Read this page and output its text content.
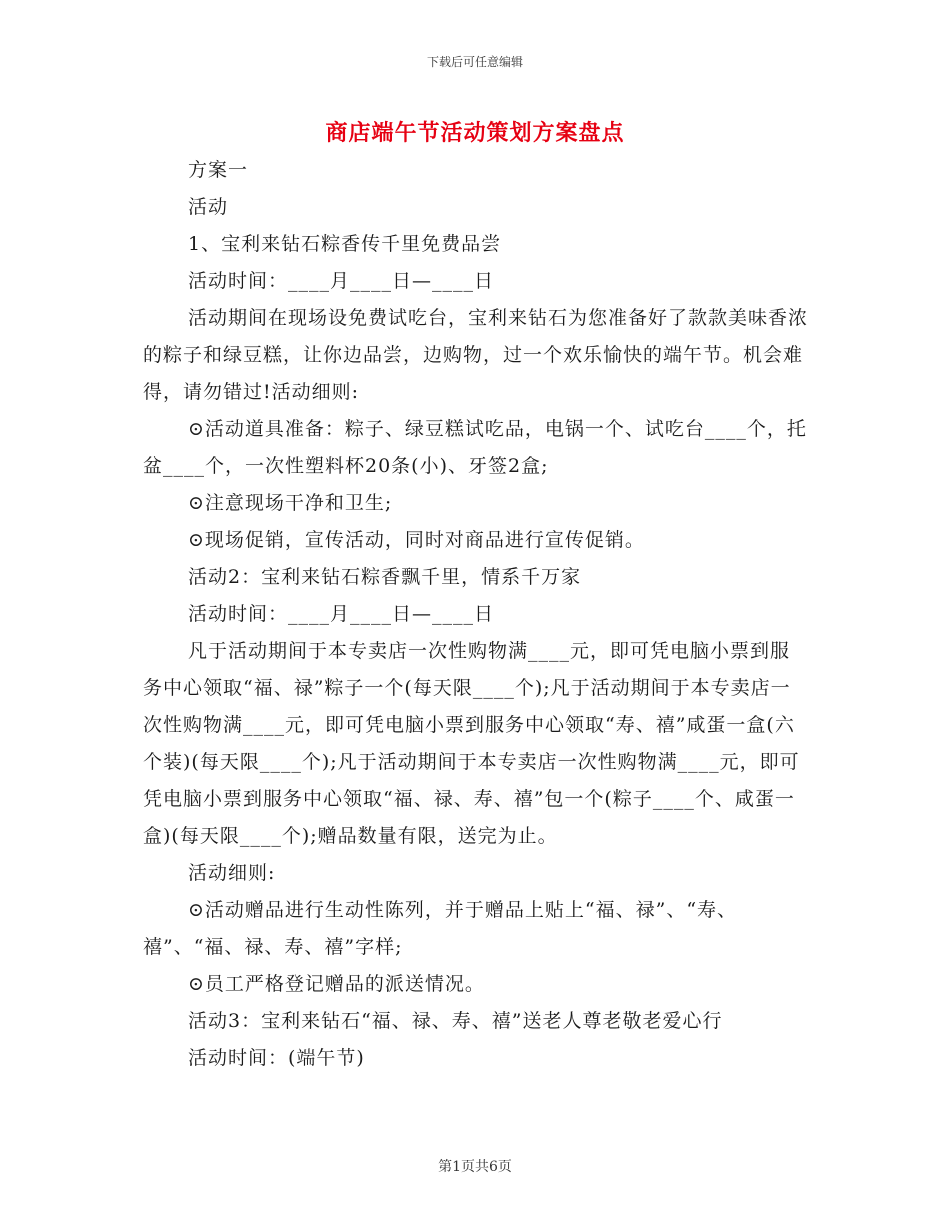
下载后可任意编辑
商店端午节活动策划方案盘点

方案一

活动

1、宝利来钻石粽香传千里免费品尝

活动时间：____月____日—____日

活动期间在现场设免费试吃台，宝利来钻石为您准备好了款款美味香浓的粽子和绿豆糕，让你边品尝，边购物，过一个欢乐愉快的端午节。机会难得，请勿错过!活动细则:

⊙活动道具准备：粽子、绿豆糕试吃品，电锅一个、试吃台____个，托盆____个，一次性塑料杯20条(小)、牙签2盒;

⊙注意现场干净和卫生;

⊙现场促销，宣传活动，同时对商品进行宣传促销。

活动2：宝利来钻石粽香飘千里，情系千万家

活动时间：____月____日—____日

凡于活动期间于本专卖店一次性购物满____元，即可凭电脑小票到服务中心领取“福、禄”粽子一个(每天限____个);凡于活动期间于本专卖店一次性购物满____元，即可凭电脑小票到服务中心领取“寿、禧”咸蛋一盒(六个装)(每天限____个);凡于活动期间于本专卖店一次性购物满____元，即可凭电脑小票到服务中心领取“福、禄、寿、禧”包一个(粽子____个、咸蛋一盒)(每天限____个);赠品数量有限，送完为止。

活动细则:

⊙活动赠品进行生动性陈列，并于赠品上贴上“福、禄”、“寿、禧”、“福、禄、寿、禧”字样;

⊙员工严格登记赠品的派送情况。

活动3：宝利来钻石“福、禄、寿、禧”送老人尊老敬老爱心行

活动时间：(端午节)

第1页共6页
